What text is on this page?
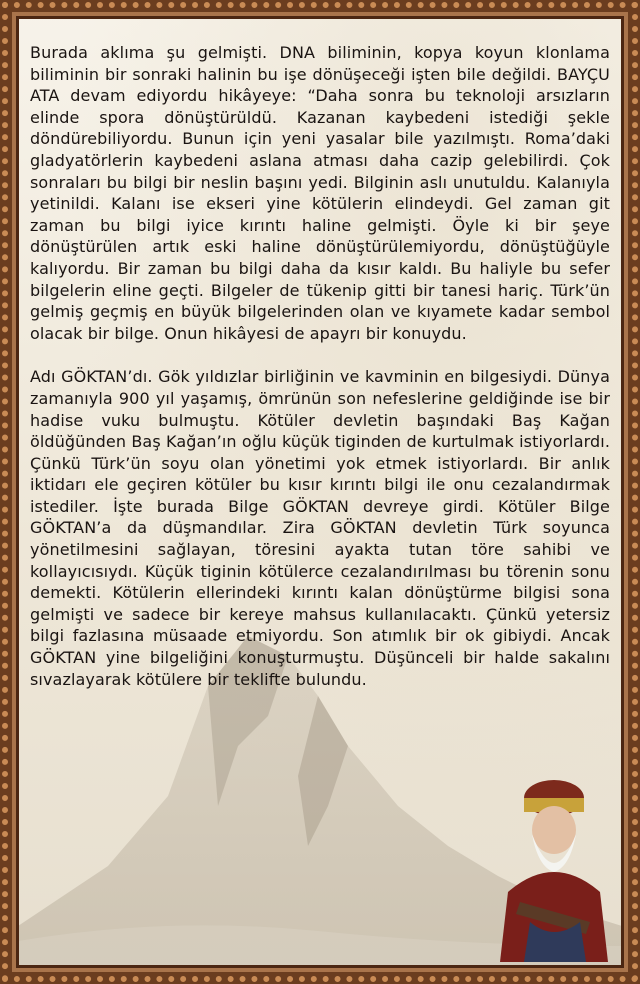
Burada aklıma şu gelmişti. DNA biliminin, kopya koyun klonlama biliminin bir sonraki halinin bu işe dönüşeceği işten bile değildi. BAYÇU ATA devam ediyordu hikâyeye: “Daha sonra bu teknoloji arsızların elinde spora dönüştürüldü. Kazanan kaybedeni istediği şekle döndürebiliyordu. Bunun için yeni yasalar bile yazılmıştı. Roma’daki gladyatörlerin kaybedeni aslana atması daha cazip gelebilirdi. Çok sonraları bu bilgi bir neslin başını yedi. Bilginin aslı unutuldu. Kalanıyla yetinildi. Kalanı ise ekseri yine kötülerin elindeydi. Gel zaman git zaman bu bilgi iyice kırıntı haline gelmişti. Öyle ki bir şeye dönüştürülen artık eski haline dönüştürülemiyordu, dönüştüğüyle kalıyordu. Bir zaman bu bilgi daha da kısır kaldı. Bu haliyle bu sefer bilgelerin eline geçti. Bilgeler de tükenip gitti bir tanesi hariç. Türk’ün gelmiş geçmiş en büyük bilgelerinden olan ve kıyamete kadar sembol olacak bir bilge. Onun hikâyesi de apayrı bir konuydu.

Adı GÖKTAN’dı. Gök yıldızlar birliğinin ve kavminin en bilgesiydi. Dünya zamanıyla 900 yıl yaşamış, ömrünün son nefeslerine geldiğinde ise bir hadise vuku bulmuştu. Kötüler devletin başındaki Baş Kağan öldüğünden Baş Kağan’ın oğlu küçük tiginden de kurtulmak istiyorlardı. Çünkü Türk’ün soyu olan yönetimi yok etmek istiyorlardı. Bir anlık iktidarı ele geçiren kötüler bu kısır kırıntı bilgi ile onu cezalandırmak istediler. İşte burada Bilge GÖKTAN devreye girdi. Kötüler Bilge GÖKTAN’a da düşmandılar. Zira GÖKTAN devletin Türk soyunca yönetilmesini sağlayan, töresini ayakta tutan töre sahibi ve kollayıcısıydı. Küçük tiginin kötülerce cezalandırılması bu törenin sonu demekti. Kötülerin ellerindeki kırıntı kalan dönüştürme bilgisi sona gelmişti ve sadece bir kereye mahsus kullanılacaktı. Çünkü yetersiz bilgi fazlasına müsaade etmiyordu. Son atımlık bir ok gibiydi. Ancak GÖKTAN yine bilgeliğini konuşturmuştu. Düşünceli bir halde sakalını sıvazlayarak kötülere bir teklifte bulundu.
